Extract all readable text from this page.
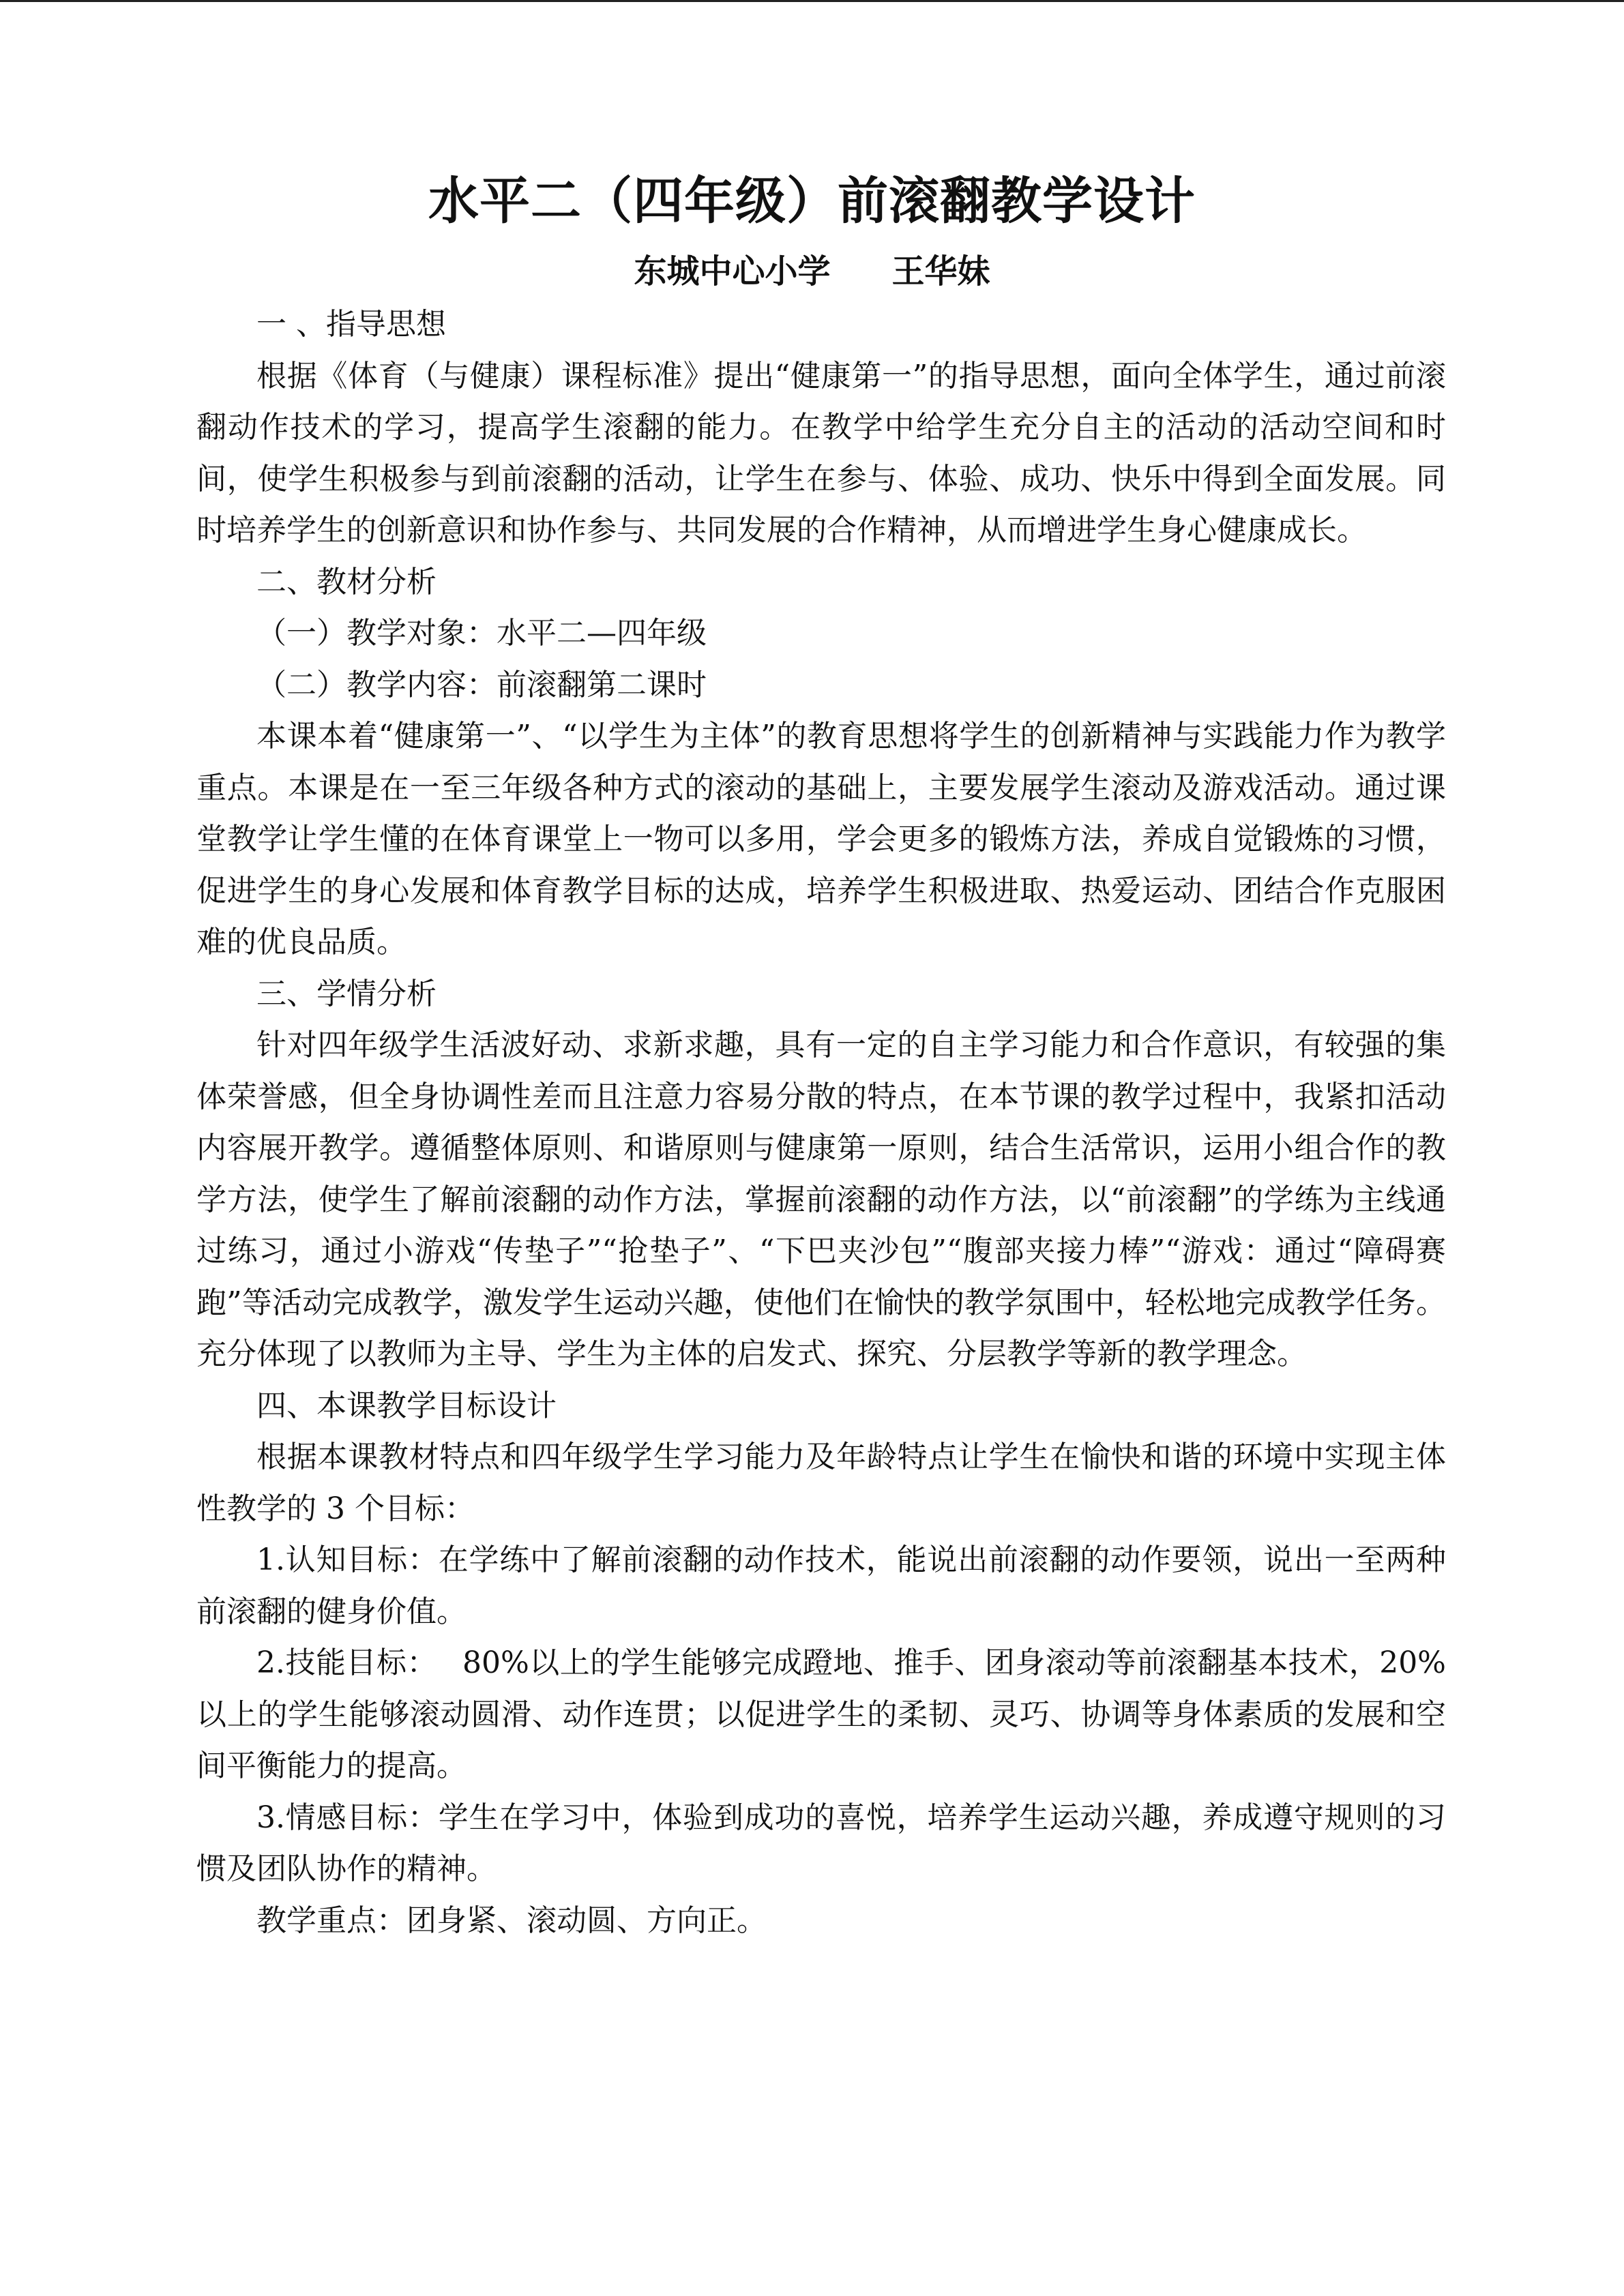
水平二（四年级）前滚翻教学设计
东城中心小学 王华妹

一 、指导思想

根据《体育（与健康）课程标准》提出“健康第一”的指导思想，面向全体学生，通过前滚翻动作技术的学习，提高学生滚翻的能力。在教学中给学生充分自主的活动的活动空间和时间，使学生积极参与到前滚翻的活动，让学生在参与、体验、成功、快乐中得到全面发展。同时培养学生的创新意识和协作参与、共同发展的合作精神，从而增进学生身心健康成长。

二、教材分析

（一）教学对象：水平二—四年级

（二）教学内容：前滚翻第二课时

本课本着“健康第一”、“以学生为主体”的教育思想将学生的创新精神与实践能力作为教学重点。本课是在一至三年级各种方式的滚动的基础上，主要发展学生滚动及游戏活动。通过课堂教学让学生懂的在体育课堂上一物可以多用，学会更多的锻炼方法，养成自觉锻炼的习惯，促进学生的身心发展和体育教学目标的达成，培养学生积极进取、热爱运动、团结合作克服困难的优良品质。

三、学情分析

针对四年级学生活波好动、求新求趣，具有一定的自主学习能力和合作意识，有较强的集体荣誉感，但全身协调性差而且注意力容易分散的特点，在本节课的教学过程中，我紧扣活动内容展开教学。遵循整体原则、和谐原则与健康第一原则，结合生活常识，运用小组合作的教学方法，使学生了解前滚翻的动作方法，掌握前滚翻的动作方法，以“前滚翻”的学练为主线通过练习，通过小游戏“传垫子”“抢垫子”、“下巴夹沙包”“腹部夹接力棒”“游戏：通过“障碍赛跑”等活动完成教学，激发学生运动兴趣，使他们在愉快的教学氛围中，轻松地完成教学任务。充分体现了以教师为主导、学生为主体的启发式、探究、分层教学等新的教学理念。

四、本课教学目标设计

根据本课教材特点和四年级学生学习能力及年龄特点让学生在愉快和谐的环境中实现主体性教学的 3 个目标：

1.认知目标：在学练中了解前滚翻的动作技术，能说出前滚翻的动作要领，说出一至两种前滚翻的健身价值。

2.技能目标：　 80%以上的学生能够完成蹬地、推手、团身滚动等前滚翻基本技术，20%以上的学生能够滚动圆滑、动作连贯；以促进学生的柔韧、灵巧、协调等身体素质的发展和空间平衡能力的提高。

3.情感目标：学生在学习中，体验到成功的喜悦，培养学生运动兴趣，养成遵守规则的习惯及团队协作的精神。

教学重点：团身紧、滚动圆、方向正。
